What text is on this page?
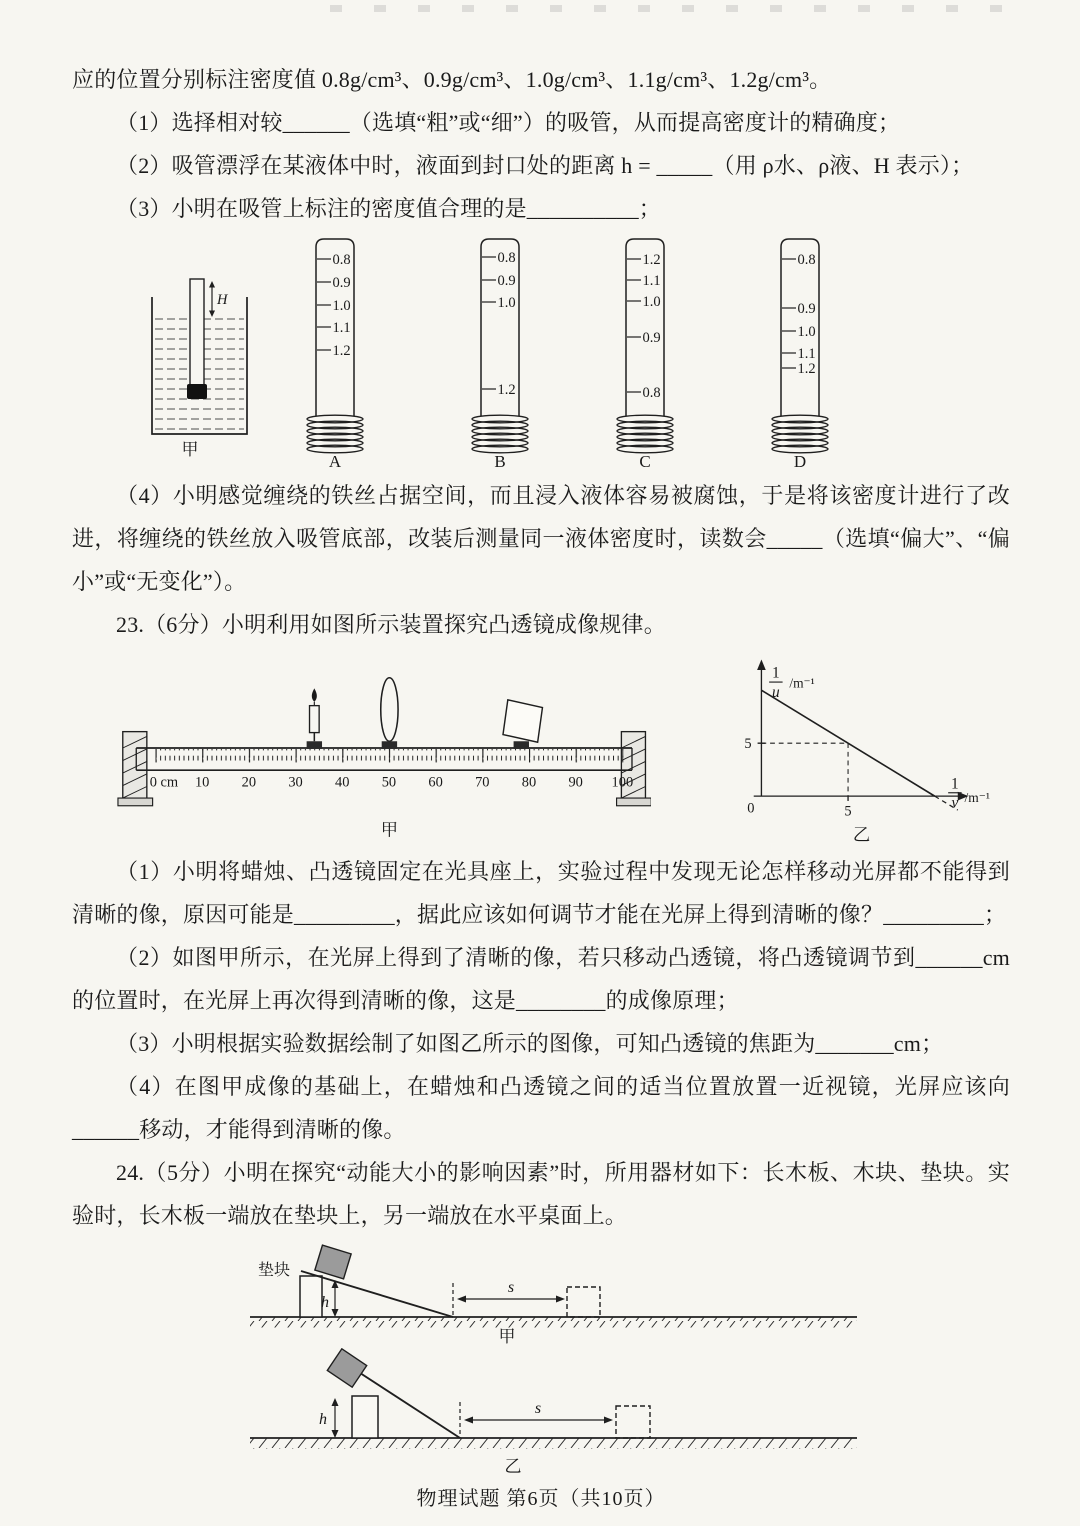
应的位置分别标注密度值 0.8g/cm³、0.9g/cm³、1.0g/cm³、1.1g/cm³、1.2g/cm³。

（1）选择相对较______（选填“粗”或“细”）的吸管，从而提高密度计的精确度；

（2）吸管漂浮在某液体中时，液面到封口处的距离 h = _____（用 ρ水、ρ液、H 表示）；

（3）小明在吸管上标注的密度值合理的是__________；

H
甲
0.8
0.9
1.0
1.1
1.2
A
0.8
0.9
1.0
1.2
B
1.2
1.1
1.0
0.9
0.8
C
0.8
0.9
1.0
1.1
1.2
D

（4）小明感觉缠绕的铁丝占据空间，而且浸入液体容易被腐蚀，于是将该密度计进行了改进，将缠绕的铁丝放入吸管底部，改装后测量同一液体密度时，读数会_____（选填“偏大”、“偏小”或“无变化”）。

23.（6分）小明利用如图所示装置探究凸透镜成像规律。

0 cm 10 20 30 40 50 60 70 80 90 100
甲
1
u
/m⁻¹
5
0	5
1
v /m⁻¹
乙

（1）小明将蜡烛、凸透镜固定在光具座上，实验过程中发现无论怎样移动光屏都不能得到清晰的像，原因可能是_________，据此应该如何调节才能在光屏上得到清晰的像？_________；

（2）如图甲所示，在光屏上得到了清晰的像，若只移动凸透镜，将凸透镜调节到______cm 的位置时，在光屏上再次得到清晰的像，这是________的成像原理；

（3）小明根据实验数据绘制了如图乙所示的图像，可知凸透镜的焦距为_______cm；

（4）在图甲成像的基础上，在蜡烛和凸透镜之间的适当位置放置一近视镜，光屏应该向______移动，才能得到清晰的像。

24.（5分）小明在探究“动能大小的影响因素”时，所用器材如下：长木板、木块、垫块。实验时，长木板一端放在垫块上，另一端放在水平桌面上。

垫块
h
s
甲
h
s
乙
物理试题 第6页（共10页）
